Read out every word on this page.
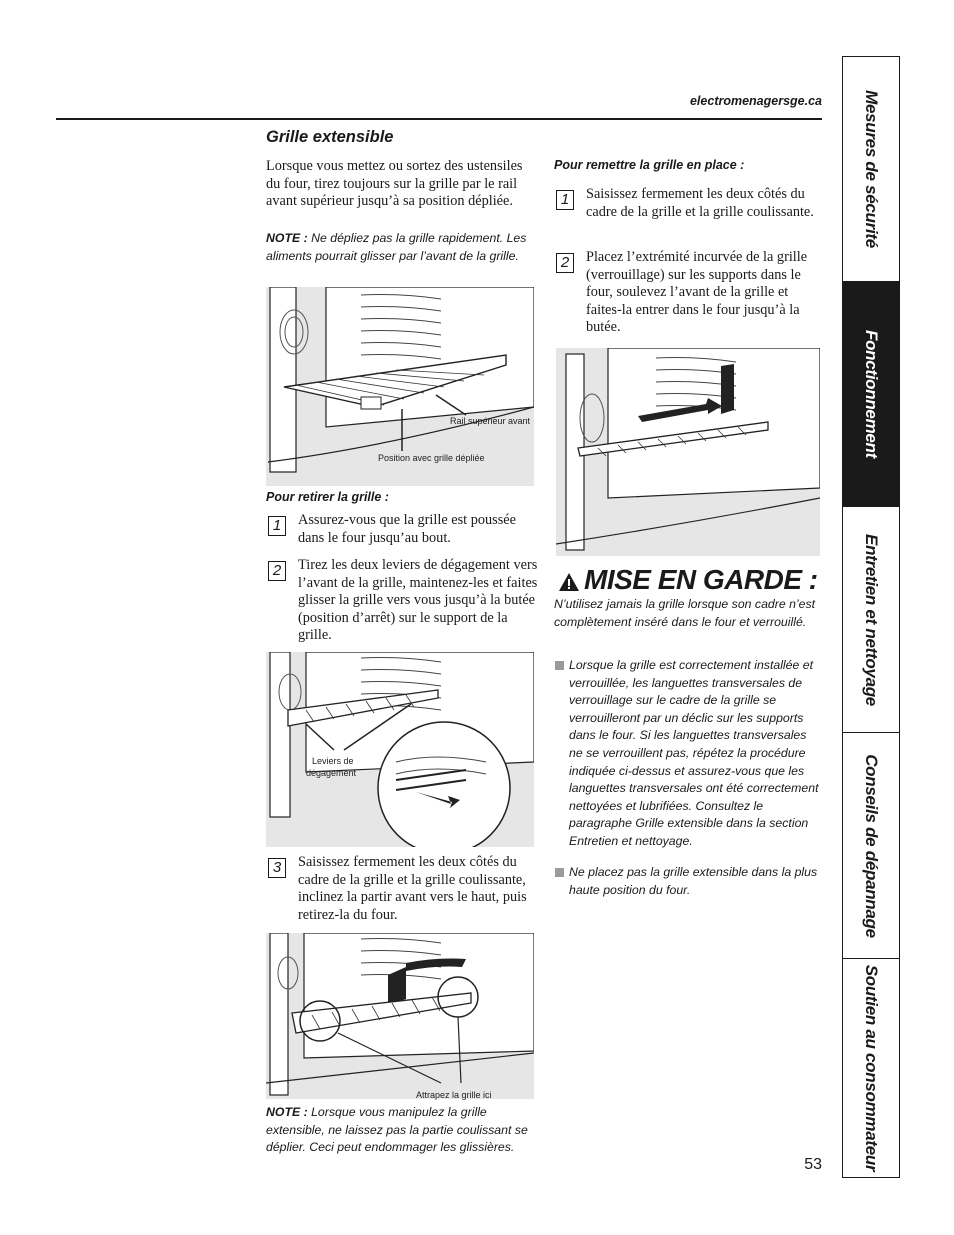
electromenagersge.ca
Grille extensible
Lorsque vous mettez ou sortez des ustensiles du four, tirez toujours sur la grille par le rail avant supérieur jusqu’à sa position dépliée.
NOTE : Ne dépliez pas la grille rapidement. Les aliments pourrait glisser par l’avant de la grille.
Rail supérieur avant
Position avec grille dépliée
Pour retirer la grille :
1	Assurez-vous que la grille est poussée dans le four jusqu’au bout.
2	Tirez les deux leviers de dégagement vers l’avant de la grille, maintenez-les et faites glisser la grille vers vous jusqu’à la butée (position d’arrêt) sur le support de la grille.
Leviers de
dégagement
3	Saisissez fermement les deux côtés du cadre de la grille et la grille coulissante, inclinez la partir avant vers le haut, puis retirez-la du four.
Attrapez la grille ici
NOTE : Lorsque vous manipulez la grille extensible, ne laissez pas la partie coulissant se déplier. Ceci peut endommager les glissières.
Pour remettre la grille en place :
1	Saisissez fermement les deux côtés du cadre de la grille et la grille coulissante.
2	Placez l’extrémité incurvée de la grille (verrouillage) sur les supports dans le four, soulevez l’avant de la grille et faites-la entrer dans le four jusqu’à la butée.
MISE EN GARDE :
N’utilisez jamais la grille lorsque son cadre n’est complètement inséré dans le four et verrouillé.
Lorsque la grille est correctement installée et verrouillée, les languettes transversales de verrouillage sur le cadre de la grille se verrouilleront par un déclic sur les supports dans le four. Si les languettes transversales ne se verrouillent pas, répétez la procédure indiquée ci-dessus et assurez-vous que les languettes transversales ont été correctement nettoyées et lubrifiées. Consultez le paragraphe Grille extensible dans la section Entretien et nettoyage.
Ne placez pas la grille extensible dans la plus haute position du four.
53
Mesures de sécurité
Fonctionnement
Entretien et nettoyage
Conseils de dépannage
Soutien au consommateur
